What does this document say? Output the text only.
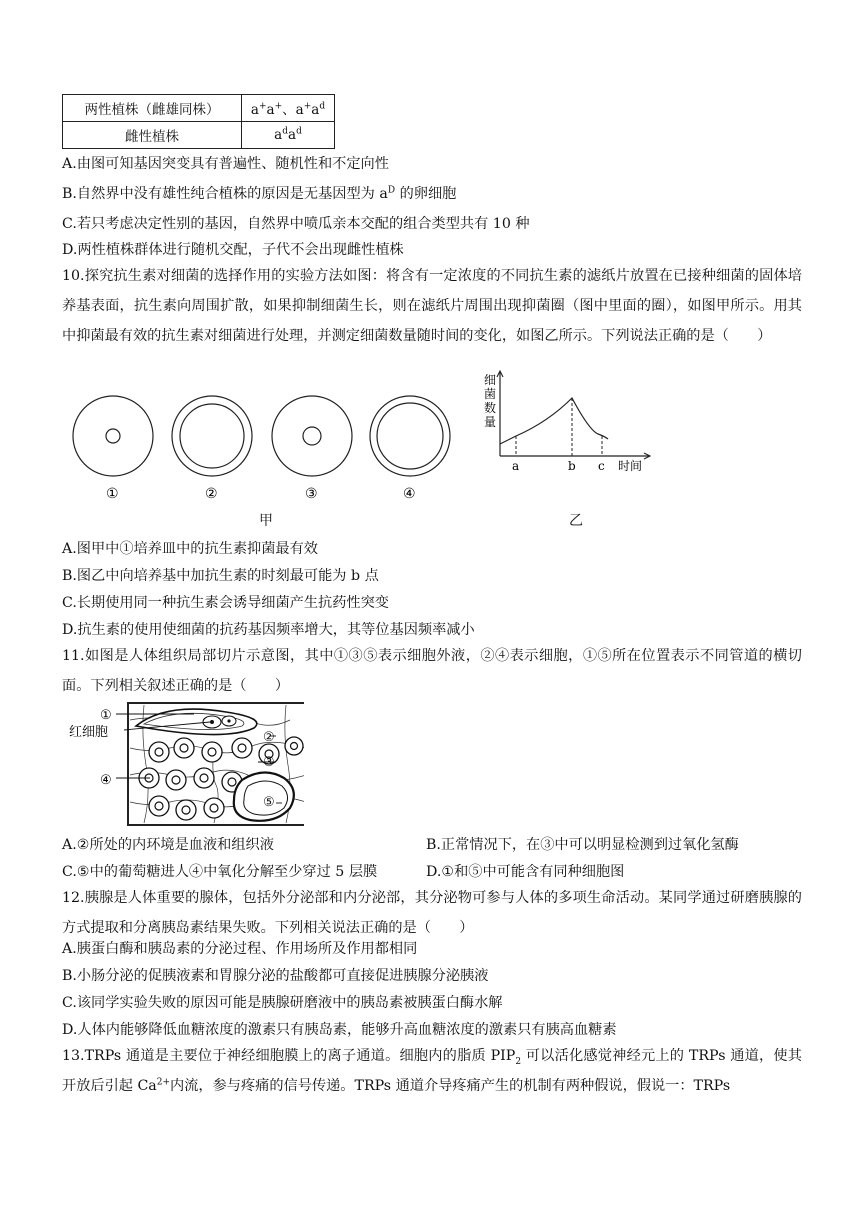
两性植株（雌雄同株）	a+a+、$a^+a^d$
雌性植株	$a^da^d$
A.由图可知基因突变具有普遍性、随机性和不定向性
B.自然界中没有雄性纯合植株的原因是无基因型为 $a^D$ 的卵细胞
C.若只考虑决定性别的基因，自然界中喷瓜亲本交配的组合类型共有 10 种
D.两性植株群体进行随机交配，子代不会出现雌性植株
10.探究抗生素对细菌的选择作用的实验方法如图：将含有一定浓度的不同抗生素的滤纸片放置在已接种细菌的固体培养基表面，抗生素向周围扩散，如果抑制细菌生长，则在滤纸片周围出现抑菌圈（图中里面的圈），如图甲所示。用其中抑菌最有效的抗生素对细菌进行处理，并测定细菌数量随时间的变化，如图乙所示。下列说法正确的是（　　）
①	②	③	④
甲
细
菌
数
量
a	b c 时间
乙
A.图甲中①培养皿中的抗生素抑菌最有效
B.图乙中向培养基中加抗生素的时刻最可能为 b 点
C.长期使用同一种抗生素会诱导细菌产生抗药性突变
D.抗生素的使用使细菌的抗药基因频率增大，其等位基因频率减小
11.如图是人体组织局部切片示意图，其中①③⑤表示细胞外液，②④表示细胞，①⑤所在位置表示不同管道的横切面。下列相关叙述正确的是（　　）
①
红细胞
④
②
③
⑤
A.②所处的内环境是血液和组织液	B.正常情况下，在③中可以明显检测到过氧化氢酶
C.⑤中的葡萄糖进人④中氧化分解至少穿过 5 层膜	D.①和⑤中可能含有同种细胞图
12.胰腺是人体重要的腺体，包括外分泌部和内分泌部，其分泌物可参与人体的多项生命活动。某同学通过研磨胰腺的方式提取和分离胰岛素结果失败。下列相关说法正确的是（　　）
A.胰蛋白酶和胰岛素的分泌过程、作用场所及作用都相同
B.小肠分泌的促胰液素和胃腺分泌的盐酸都可直接促进胰腺分泌胰液
C.该同学实验失败的原因可能是胰腺研磨液中的胰岛素被胰蛋白酶水解
D.人体内能够降低血糖浓度的激素只有胰岛素，能够升高血糖浓度的激素只有胰高血糖素
13.TRPs 通道是主要位于神经细胞膜上的离子通道。细胞内的脂质 $PIP_2$ 可以活化感觉神经元上的 TRPs 通道，使其开放后引起 $Ca^{2+}$内流，参与疼痛的信号传递。TRPs 通道介导疼痛产生的机制有两种假说，假说一：TRPs
